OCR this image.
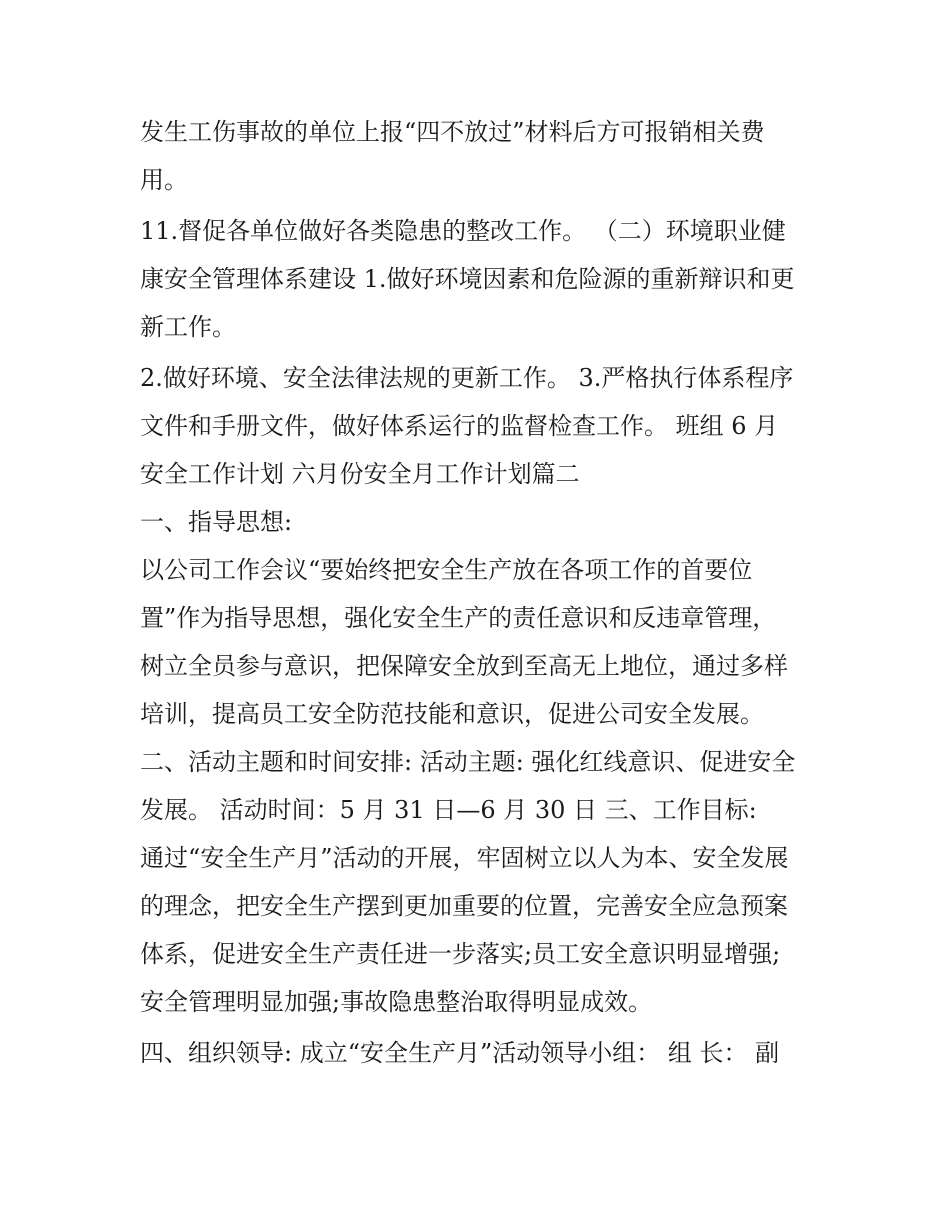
发生工伤事故的单位上报“四不放过”材料后方可报销相关费
用。
11.督促各单位做好各类隐患的整改工作。 （二）环境职业健
康安全管理体系建设 1.做好环境因素和危险源的重新辩识和更
新工作。
2.做好环境、安全法律法规的更新工作。 3.严格执行体系程序
文件和手册文件，做好体系运行的监督检查工作。 班组 6 月
安全工作计划 六月份安全月工作计划篇二
一、指导思想:
以公司工作会议“要始终把安全生产放在各项工作的首要位
置”作为指导思想，强化安全生产的责任意识和反违章管理，
树立全员参与意识，把保障安全放到至高无上地位，通过多样
培训，提高员工安全防范技能和意识，促进公司安全发展。
二、活动主题和时间安排: 活动主题: 强化红线意识、促进安全
发展。 活动时间：5 月 31 日—6 月 30 日 三、工作目标:
通过“安全生产月”活动的开展，牢固树立以人为本、安全发展
的理念，把安全生产摆到更加重要的位置，完善安全应急预案
体系，促进安全生产责任进一步落实;员工安全意识明显增强;
安全管理明显加强;事故隐患整治取得明显成效。
四、组织领导: 成立“安全生产月”活动领导小组： 组 长： 副
